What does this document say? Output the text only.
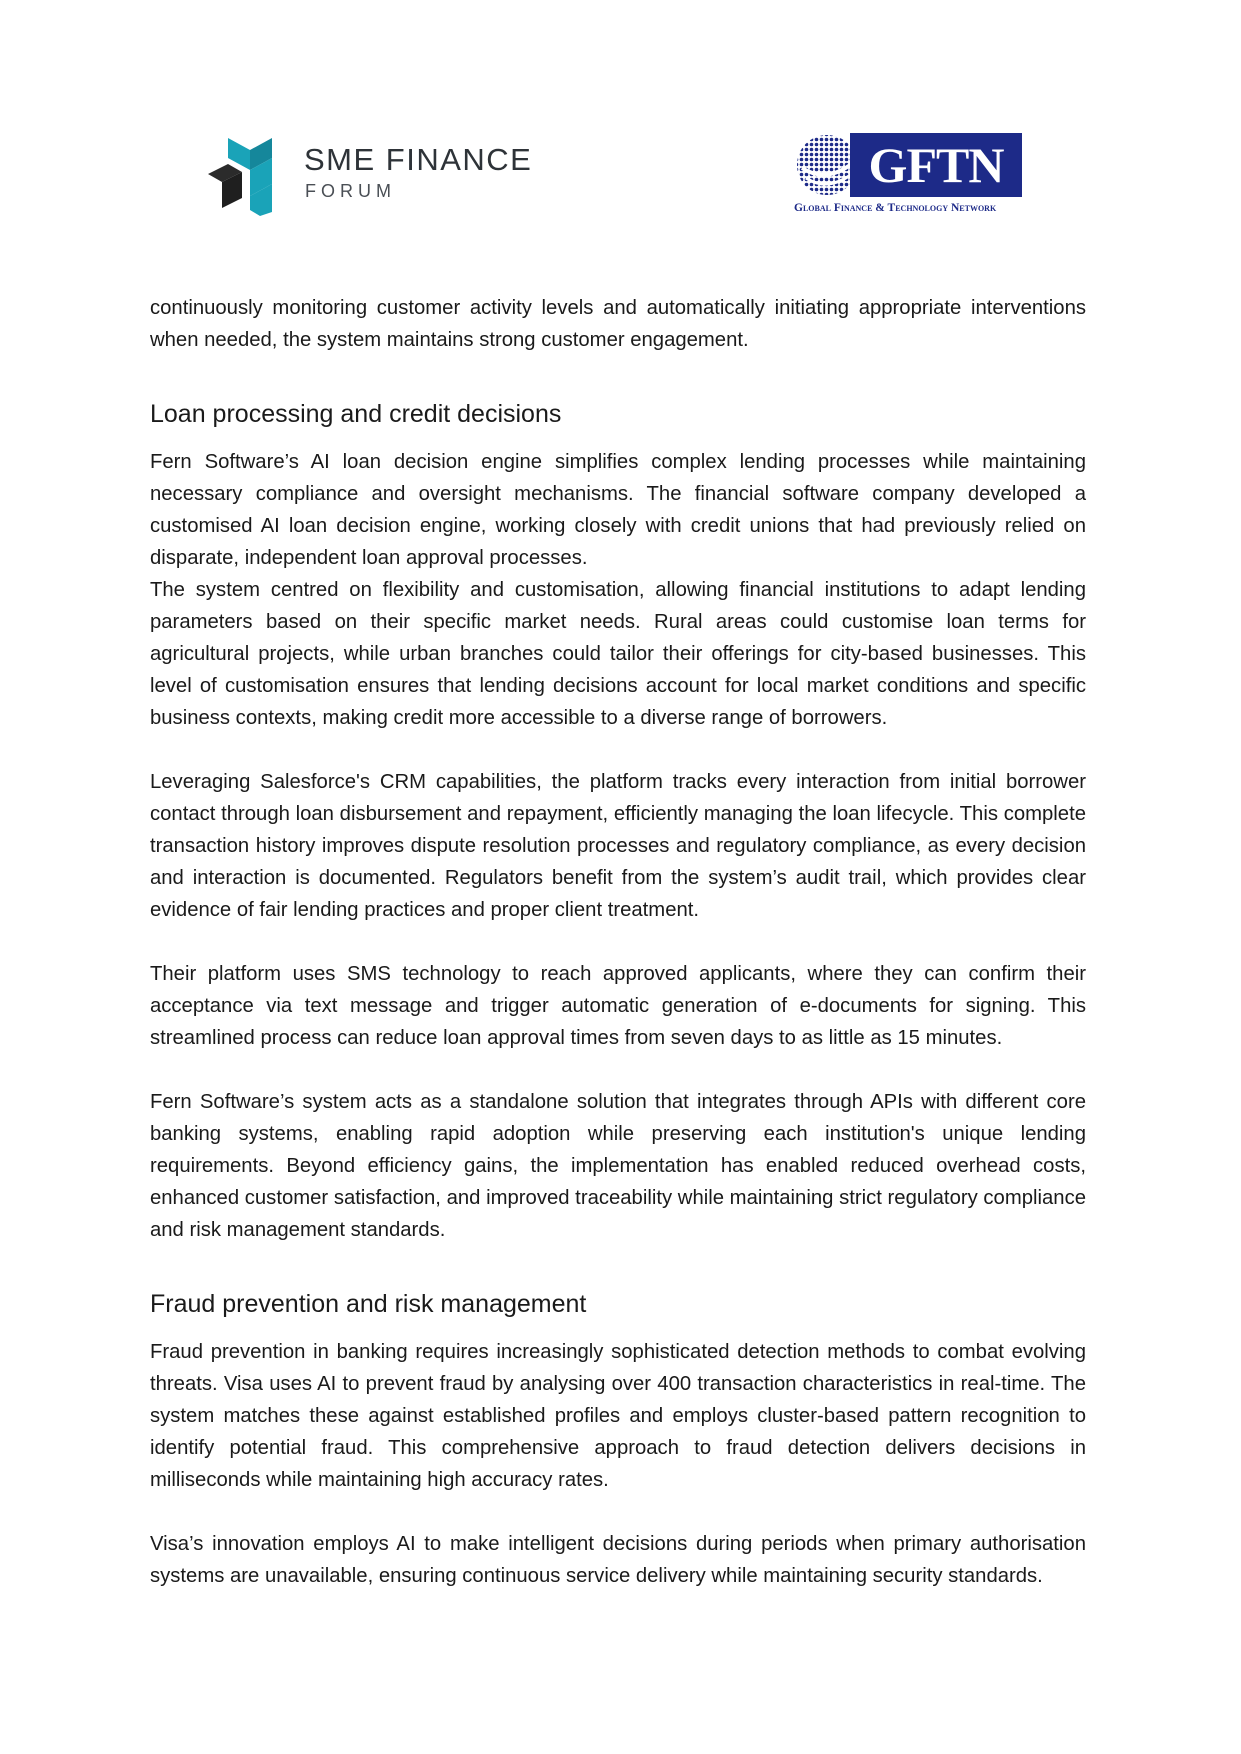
SME FINANCE
FORUM	GFTN
Global Finance & Technology Network

continuously monitoring customer activity levels and automatically initiating appropriate interventions when needed, the system maintains strong customer engagement.

Loan processing and credit decisions

Fern Software’s AI loan decision engine simplifies complex lending processes while maintaining necessary compliance and oversight mechanisms. The financial software company developed a customised AI loan decision engine, working closely with credit unions that had previously relied on disparate, independent loan approval processes.

The system centred on flexibility and customisation, allowing financial institutions to adapt lending parameters based on their specific market needs. Rural areas could customise loan terms for agricultural projects, while urban branches could tailor their offerings for city-based businesses. This level of customisation ensures that lending decisions account for local market conditions and specific business contexts, making credit more accessible to a diverse range of borrowers.

Leveraging Salesforce's CRM capabilities, the platform tracks every interaction from initial borrower contact through loan disbursement and repayment, efficiently managing the loan lifecycle. This complete transaction history improves dispute resolution processes and regulatory compliance, as every decision and interaction is documented. Regulators benefit from the system’s audit trail, which provides clear evidence of fair lending practices and proper client treatment.

Their platform uses SMS technology to reach approved applicants, where they can confirm their acceptance via text message and trigger automatic generation of e-documents for signing. This streamlined process can reduce loan approval times from seven days to as little as 15 minutes.

Fern Software’s system acts as a standalone solution that integrates through APIs with different core banking systems, enabling rapid adoption while preserving each institution's unique lending requirements. Beyond efficiency gains, the implementation has enabled reduced overhead costs, enhanced customer satisfaction, and improved traceability while maintaining strict regulatory compliance and risk management standards.

Fraud prevention and risk management

Fraud prevention in banking requires increasingly sophisticated detection methods to combat evolving threats. Visa uses AI to prevent fraud by analysing over 400 transaction characteristics in real-time. The system matches these against established profiles and employs cluster-based pattern recognition to identify potential fraud. This comprehensive approach to fraud detection delivers decisions in milliseconds while maintaining high accuracy rates.

Visa’s innovation employs AI to make intelligent decisions during periods when primary authorisation systems are unavailable, ensuring continuous service delivery while maintaining security standards.
